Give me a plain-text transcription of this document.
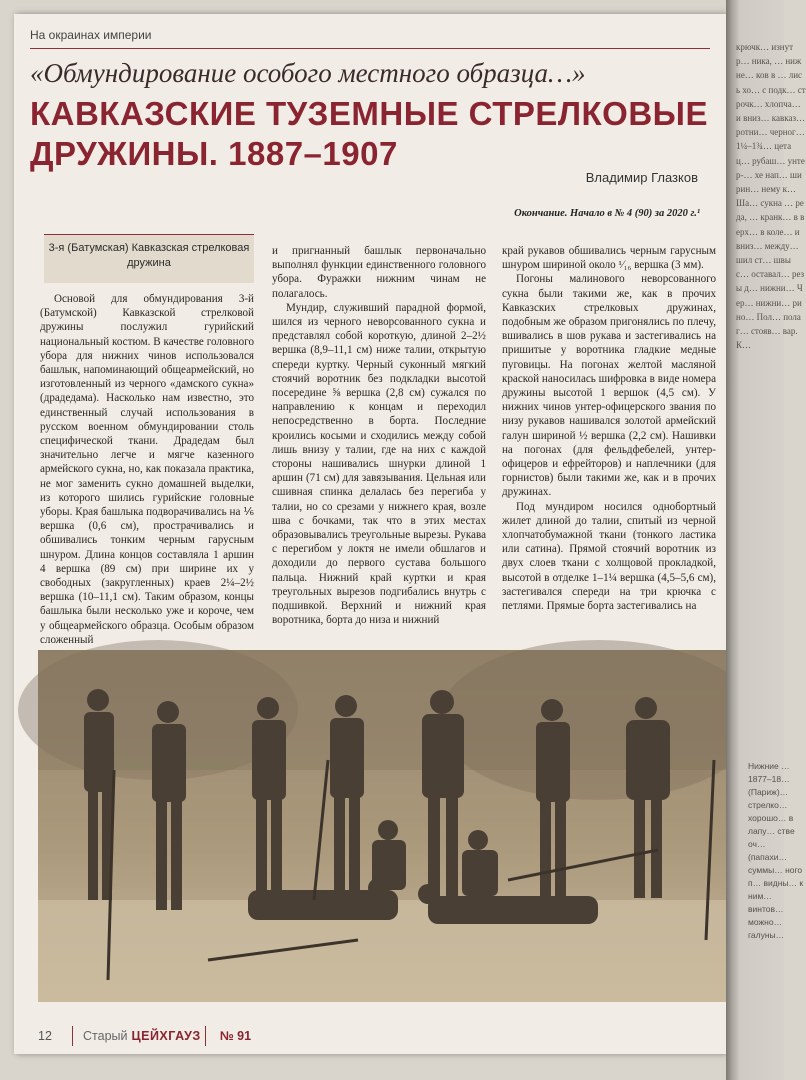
На окраинах империи
«Обмундирование особого местного образца…»
КАВКАЗСКИЕ ТУЗЕМНЫЕ СТРЕЛКОВЫЕ ДРУЖИНЫ. 1887–1907
Владимир Глазков
Окончание. Начало в № 4 (90) за 2020 г.¹
3-я (Батумская) Кавказская стрелковая дружина

Основой для обмундирования 3-й (Батумской) Кавказской стрелковой дружины послужил гурийский национальный костюм. В качестве головного убора для нижних чинов использовался башлык, напоминающий общеармейский, но изготовленный из черного «дамского сукна» (драдедама). Насколько нам известно, это единственный случай использования в русском военном обмундировании столь специфической ткани. Драдедам был значительно легче и мягче казенного армейского сукна, но, как показала практика, не мог заменить сукно домашней выделки, из которого шились гурийские головные уборы. Края башлыка подворачивались на ⅙ вершка (0,6 см), прострачивались и обшивались тонким черным гарусным шнуром. Длина концов составляла 1 аршин 4 вершка (89 см) при ширине их у свободных (закругленных) краев 2¼–2½ вершка (10–11,1 см). Таким образом, концы башлыка были несколько уже и короче, чем у общеармейского образца. Особым образом сложенный

и пригнанный башлык первоначально выполнял функции единственного головного убора. Фуражки нижним чинам не полагалось.

Мундир, служивший парадной формой, шился из черного неворсованного сукна и представлял собой короткую, длиной 2–2½ вершка (8,9–11,1 см) ниже талии, открытую спереди куртку. Черный суконный мягкий стоячий воротник без подкладки высотой посередине ⅝ вершка (2,8 см) сужался по направлению к концам и переходил непосредственно в борта. Последние кроились косыми и сходились между собой лишь внизу у талии, где на них с каждой стороны нашивались шнурки длиной 1 аршин (71 см) для завязывания. Цельная или сшивная спинка делалась без перегиба у талии, но со срезами у нижнего края, возле шва с бочками, так что в этих местах образовывались треугольные вырезы. Рукава с перегибом у локтя не имели обшлагов и доходили до первого сустава большого пальца. Нижний край куртки и края треугольных вырезов подгибались внутрь с подшивкой. Верхний и нижний края воротника, борта до низа и нижний

край рукавов обшивались черным гарусным шнуром шириной около ¹⁄₁₆ вершка (3 мм).

Погоны малинового неворсованного сукна были такими же, как в прочих Кавказских стрелковых дружинах, подобным же образом пригонялись по плечу, вшивались в шов рукава и застегивались на пришитые у воротника гладкие медные пуговицы. На погонах желтой масляной краской наносилась шифровка в виде номера дружины высотой 1 вершок (4,5 см). У нижних чинов унтер-офицерского звания по низу рукавов нашивался золотой армейский галун шириной ½ вершка (2,2 см). Нашивки на погонах (для фельдфебелей, унтер-офицеров и ефрейторов) и наплечники (для горнистов) были такими же, как и в прочих дружинах.

Под мундиром носился однобортный жилет длиной до талии, спитый из черной хлопчатобумажной ткани (тонкого ластика или сатина). Прямой стоячий воротник из двух слоев ткани с холщовой прокладкой, высотой в отделке 1–1¼ вершка (4,5–5,6 см), застегивался спереди на три крючка с петлями. Прямые борта застегивались на

12	Старый ЦЕЙХГАУЗ № 91
крючк… изнутр… ника, … нижне… ков в … лись хо… с подк… строчк… хлопча… и вниз… кавказ… ротни… черног… 1¼–1¾… цета ц… рубаш… унтер-… хе нап… ширин… нему к… Ша… сукна … реда, … кранк… в верх… в коле… и вниз… между… шил ст… швы с… оставал… резы д… нижни… Чер… нижни… рино… Пол… полаг… стояв… вар. К…
Нижние … 1877–18… (Париж)… стрелко… хорошо… в лапу… стве оч… (папахи… суммы… ного п… видны… к ним… винтов… можно… галуны…
